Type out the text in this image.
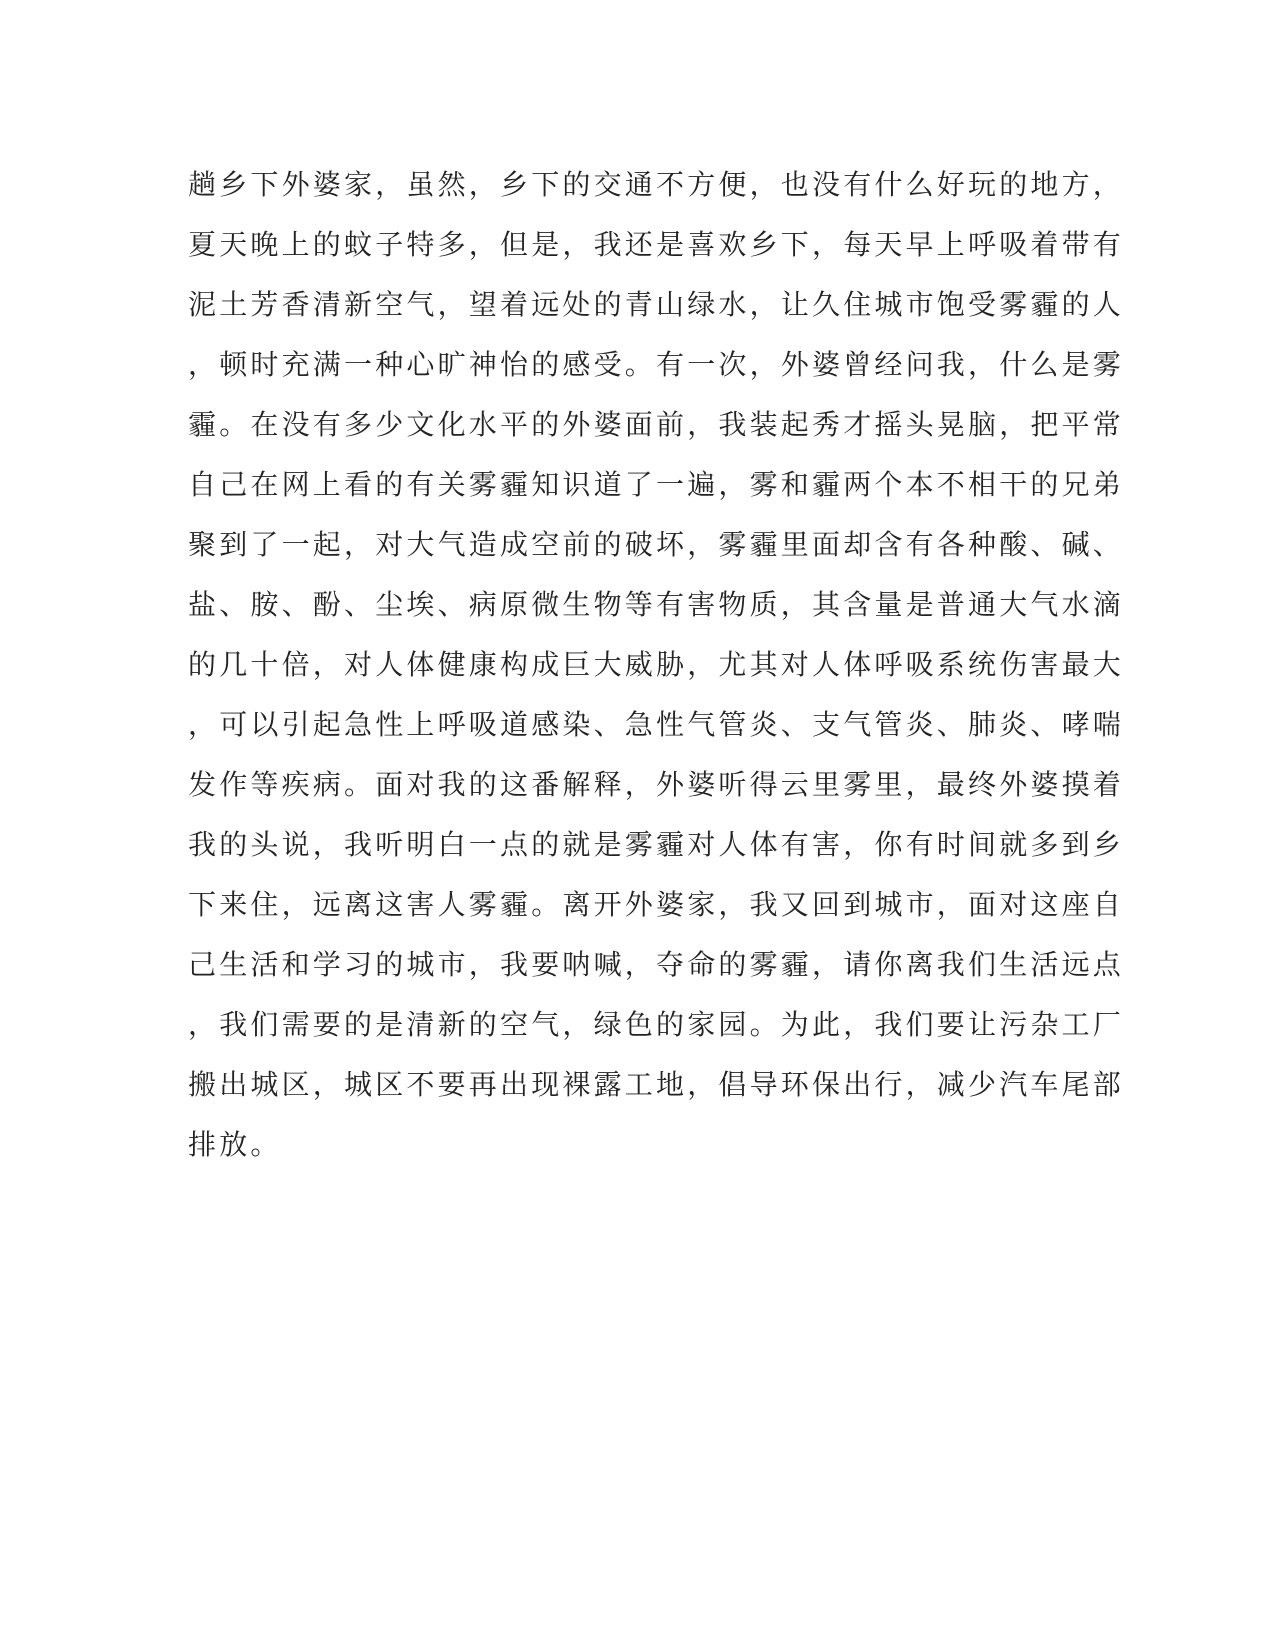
趟乡下外婆家，虽然，乡下的交通不方便，也没有什么好玩的地方，
夏天晚上的蚊子特多，但是，我还是喜欢乡下，每天早上呼吸着带有
泥土芳香清新空气，望着远处的青山绿水，让久住城市饱受雾霾的人
，顿时充满一种心旷神怡的感受。有一次，外婆曾经问我，什么是雾
霾。在没有多少文化水平的外婆面前，我装起秀才摇头晃脑，把平常
自己在网上看的有关雾霾知识道了一遍，雾和霾两个本不相干的兄弟
聚到了一起，对大气造成空前的破坏，雾霾里面却含有各种酸、碱、
盐、胺、酚、尘埃、病原微生物等有害物质，其含量是普通大气水滴
的几十倍，对人体健康构成巨大威胁，尤其对人体呼吸系统伤害最大
，可以引起急性上呼吸道感染、急性气管炎、支气管炎、肺炎、哮喘
发作等疾病。面对我的这番解释，外婆听得云里雾里，最终外婆摸着
我的头说，我听明白一点的就是雾霾对人体有害，你有时间就多到乡
下来住，远离这害人雾霾。离开外婆家，我又回到城市，面对这座自
己生活和学习的城市，我要呐喊，夺命的雾霾，请你离我们生活远点
，我们需要的是清新的空气，绿色的家园。为此，我们要让污杂工厂
搬出城区，城区不要再出现裸露工地，倡导环保出行，减少汽车尾部
排放。
